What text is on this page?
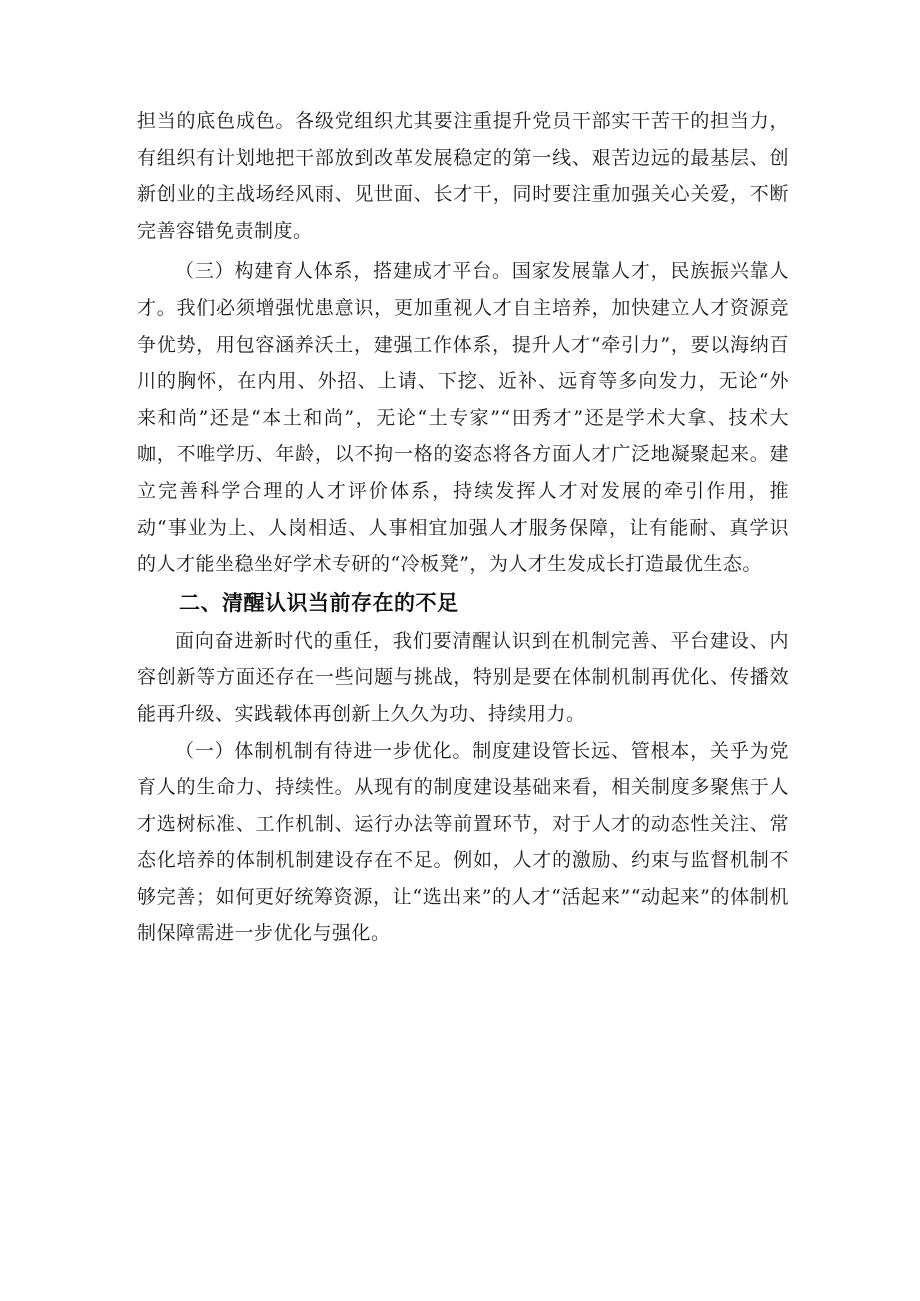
担当的底色成色。各级党组织尤其要注重提升党员干部实干苦干的担当力，有组织有计划地把干部放到改革发展稳定的第一线、艰苦边远的最基层、创新创业的主战场经风雨、见世面、长才干，同时要注重加强关心关爱，不断完善容错免责制度。

（三）构建育人体系，搭建成才平台。国家发展靠人才，民族振兴靠人才。我们必须增强忧患意识，更加重视人才自主培养，加快建立人才资源竞争优势，用包容涵养沃土，建强工作体系，提升人才“牵引力”，要以海纳百川的胸怀，在内用、外招、上请、下挖、近补、远育等多向发力，无论“外来和尚”还是“本土和尚”，无论“土专家”“田秀才”还是学术大拿、技术大咖，不唯学历、年龄，以不拘一格的姿态将各方面人才广泛地凝聚起来。建立完善科学合理的人才评价体系，持续发挥人才对发展的牵引作用，推动“事业为上、人岗相适、人事相宜加强人才服务保障，让有能耐、真学识的人才能坐稳坐好学术专研的“冷板凳”，为人才生发成长打造最优生态。

二、清醒认识当前存在的不足

面向奋进新时代的重任，我们要清醒认识到在机制完善、平台建设、内容创新等方面还存在一些问题与挑战，特别是要在体制机制再优化、传播效能再升级、实践载体再创新上久久为功、持续用力。

（一）体制机制有待进一步优化。制度建设管长远、管根本，关乎为党育人的生命力、持续性。从现有的制度建设基础来看，相关制度多聚焦于人才选树标准、工作机制、运行办法等前置环节，对于人才的动态性关注、常态化培养的体制机制建设存在不足。例如，人才的激励、约束与监督机制不够完善；如何更好统筹资源，让“选出来”的人才“活起来”“动起来”的体制机制保障需进一步优化与强化。
